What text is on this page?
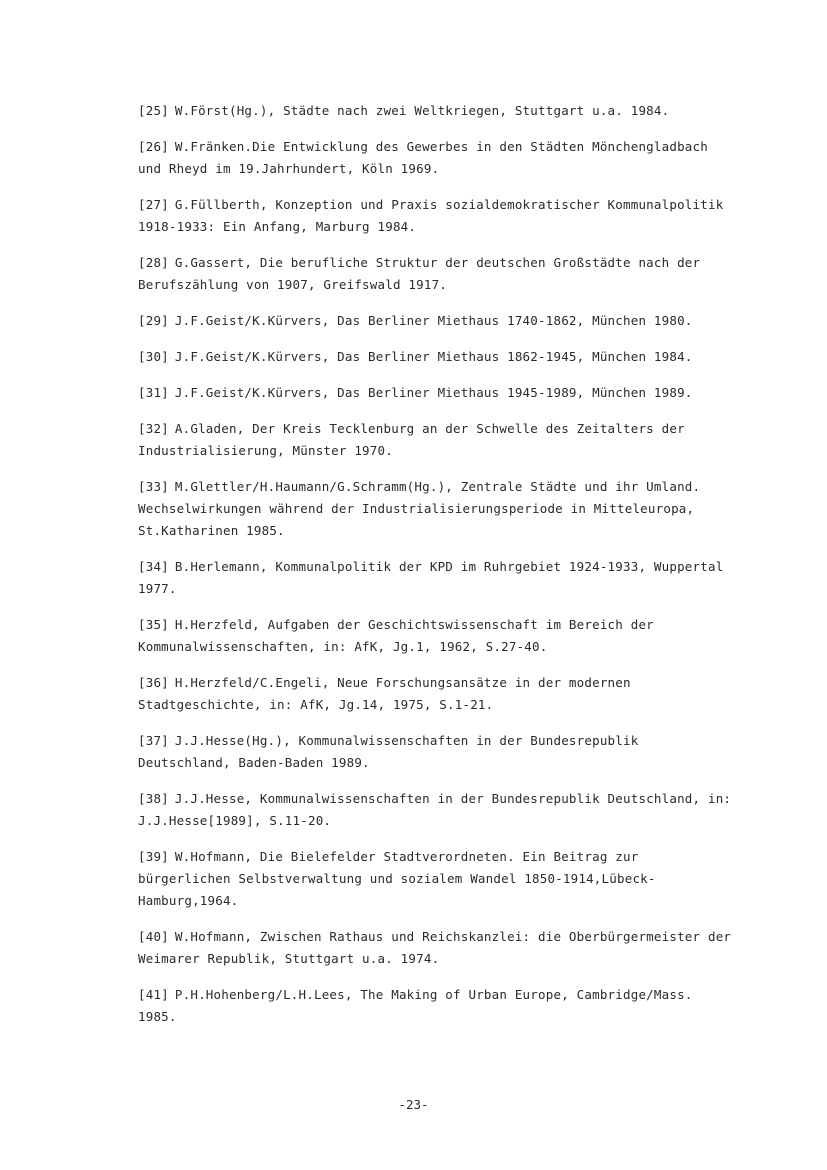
[25] W.Först(Hg.), Städte nach zwei Weltkriegen, Stuttgart u.a. 1984.

[26] W.Fränken.Die Entwicklung des Gewerbes in den Städten Mönchengladbach und Rheyd im 19.Jahrhundert, Köln 1969.

[27] G.Füllberth, Konzeption und Praxis sozialdemokratischer Kommunalpolitik 1918-1933: Ein Anfang, Marburg 1984.

[28] G.Gassert, Die berufliche Struktur der deutschen Großstädte nach der Berufszählung von 1907, Greifswald 1917.

[29] J.F.Geist/K.Kürvers, Das Berliner Miethaus 1740-1862, München 1980.

[30] J.F.Geist/K.Kürvers, Das Berliner Miethaus 1862-1945, München 1984.

[31] J.F.Geist/K.Kürvers, Das Berliner Miethaus 1945-1989, München 1989.

[32] A.Gladen, Der Kreis Tecklenburg an der Schwelle des Zeitalters der Industrialisierung, Münster 1970.

[33] M.Glettler/H.Haumann/G.Schramm(Hg.), Zentrale Städte und ihr Umland. Wechselwirkungen während der Industrialisierungsperiode in Mitteleuropa, St.Katharinen 1985.

[34] B.Herlemann, Kommunalpolitik der KPD im Ruhrgebiet 1924-1933, Wuppertal 1977.

[35] H.Herzfeld, Aufgaben der Geschichtswissenschaft im Bereich der Kommunalwissenschaften, in: AfK, Jg.1, 1962, S.27-40.

[36] H.Herzfeld/C.Engeli, Neue Forschungsansätze in der modernen Stadtgeschichte, in: AfK, Jg.14, 1975, S.1-21.

[37] J.J.Hesse(Hg.), Kommunalwissenschaften in der Bundesrepublik Deutschland, Baden-Baden 1989.

[38] J.J.Hesse, Kommunalwissenschaften in der Bundesrepublik Deutschland, in: J.J.Hesse[1989], S.11-20.

[39] W.Hofmann, Die Bielefelder Stadtverordneten. Ein Beitrag zur bürgerlichen Selbstverwaltung und sozialem Wandel 1850-1914,Lübeck-Hamburg,1964.

[40] W.Hofmann, Zwischen Rathaus und Reichskanzlei: die Oberbürgermeister der Weimarer Republik, Stuttgart u.a. 1974.

[41] P.H.Hohenberg/L.H.Lees, The Making of Urban Europe, Cambridge/Mass. 1985.

-23-
